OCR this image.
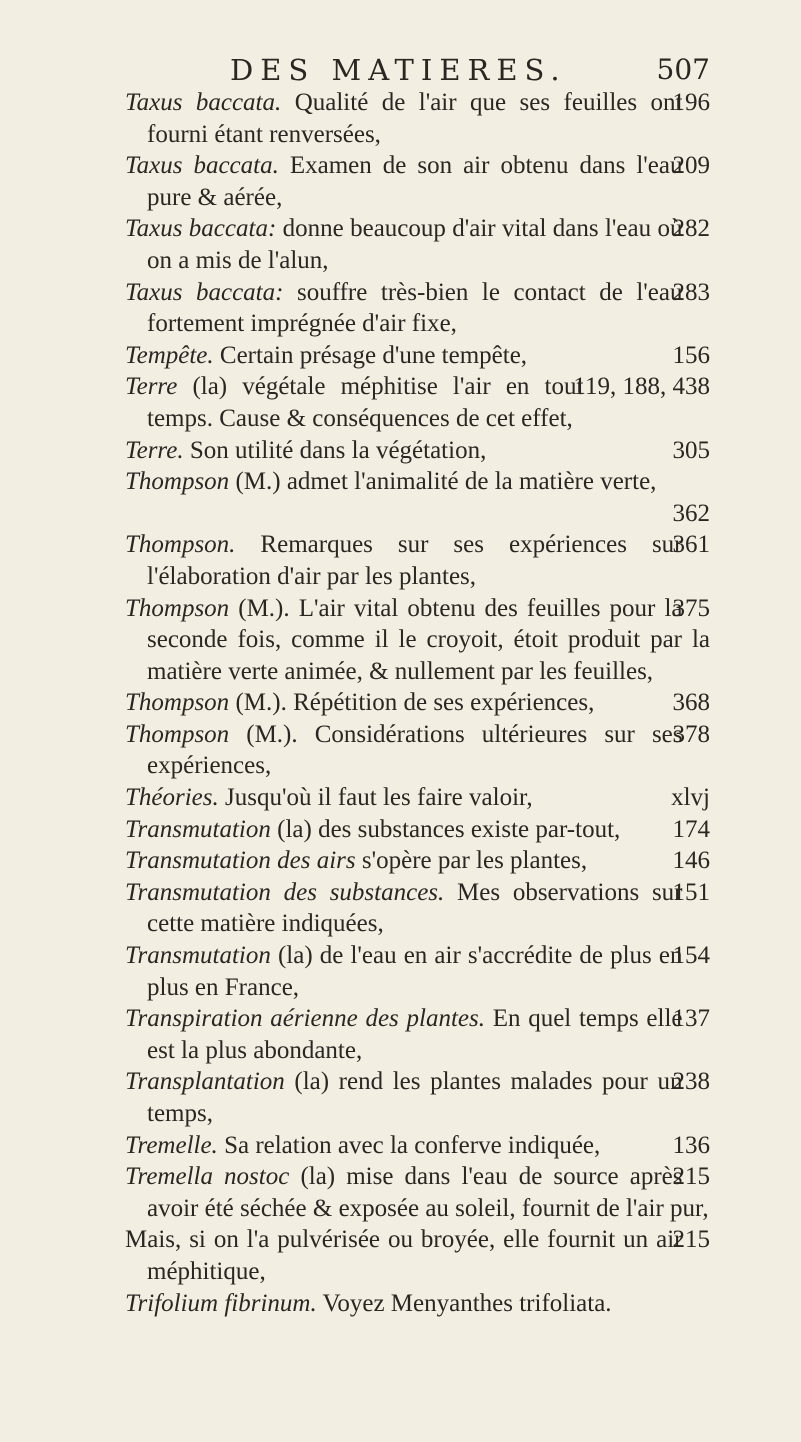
DES MATIERES.	507
196
Taxus baccata. Qualité de l'air que ses feuilles ont fourni étant renversées,
209
Taxus baccata. Examen de son air obtenu dans l'eau pure & aérée,
282
Taxus baccata: donne beaucoup d'air vital dans l'eau où on a mis de l'alun,
283
Taxus baccata: souffre très-bien le contact de l'eau fortement imprégnée d'air fixe,
156
Tempête. Certain présage d'une tempête,
119, 188, 438
Terre (la) végétale méphitise l'air en tout temps. Cause & conséquences de cet effet,
305
Terre. Son utilité dans la végétation,
Thompson (M.) admet l'animalité de la matière verte,
362
361
Thompson. Remarques sur ses expériences sur l'élaboration d'air par les plantes,
375
Thompson (M.). L'air vital obtenu des feuilles pour la seconde fois, comme il le croyoit, étoit produit par la matière verte animée, & nullement par les feuilles,
368
Thompson (M.). Répétition de ses expériences,
378
Thompson (M.). Considérations ultérieures sur ses expériences,
xlvj
Théories. Jusqu'où il faut les faire valoir,
174
Transmutation (la) des substances existe par-tout,
146
Transmutation des airs s'opère par les plantes,
151
Transmutation des substances. Mes observations sur cette matière indiquées,
154
Transmutation (la) de l'eau en air s'accrédite de plus en plus en France,
137
Transpiration aérienne des plantes. En quel temps elle est la plus abondante,
238
Transplantation (la) rend les plantes malades pour un temps,
136
Tremelle. Sa relation avec la conferve indiquée,
215
Tremella nostoc (la) mise dans l'eau de source après avoir été séchée & exposée au soleil, fournit de l'air pur,
215
Mais, si on l'a pulvérisée ou broyée, elle fournit un air méphitique,
Trifolium fibrinum. Voyez Menyanthes trifoliata.
